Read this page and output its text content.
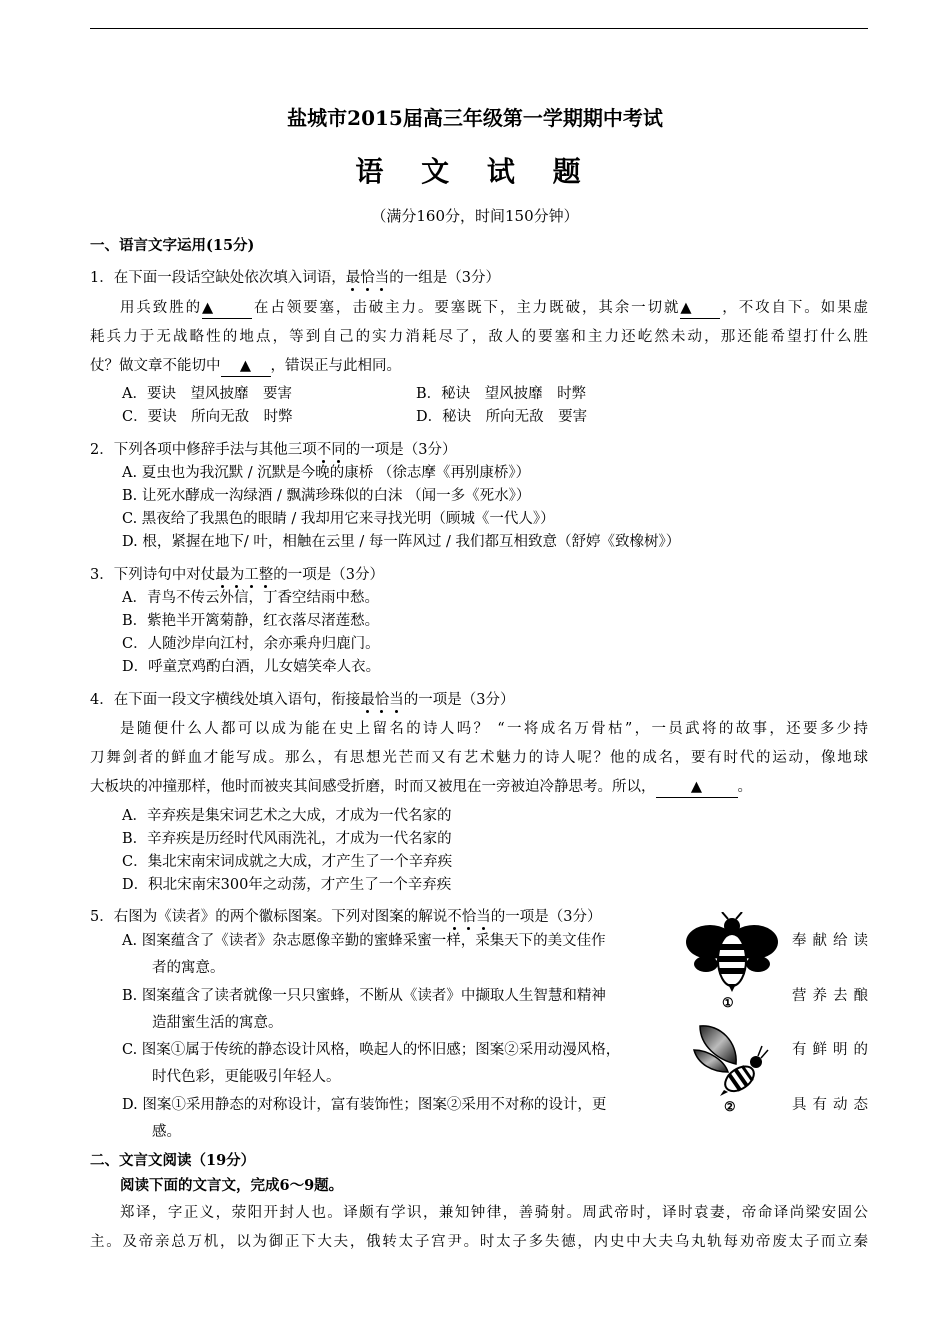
盐城市2015届高三年级第一学期期中考试
语 文 试 题
（满分160分，时间150分钟）
一、语言文字运用(15分)
1．在下面一段话空缺处依次填入词语，最恰当的一组是（3分）
用兵致胜的▲	在占领要塞，击破主力。要塞既下，主力既破，其余一切就▲ ，不攻自下。如果虚
耗兵力于无战略性的地点，等到自己的实力消耗尽了，敌人的要塞和主力还屹然未动，那还能希望打什么胜
仗？做文章不能切中 ▲ ，错误正与此相同。
A．要诀　望风披靡　要害	B．秘诀　望风披靡　时弊
C．要诀　所向无敌　时弊	D．秘诀　所向无敌　要害
2．下列各项中修辞手法与其他三项不同的一项是（3分）
A. 夏虫也为我沉默 / 沉默是今晚的康桥 （徐志摩《再别康桥》）
B. 让死水酵成一沟绿酒 / 飘满珍珠似的白沫 （闻一多《死水》）
C. 黑夜给了我黑色的眼睛 / 我却用它来寻找光明（顾城《一代人》）
D. 根，紧握在地下/ 叶，相触在云里 / 每一阵风过 / 我们都互相致意（舒婷《致橡树》）
3．下列诗句中对仗最为工整的一项是（3分）
A．青鸟不传云外信，丁香空结雨中愁。
B．紫艳半开篱菊静，红衣落尽渚莲愁。
C．人随沙岸向江村，余亦乘舟归鹿门。
D．呼童烹鸡酌白酒，儿女嬉笑牵人衣。
4．在下面一段文字横线处填入语句，衔接最恰当的一项是（3分）
是随便什么人都可以成为能在史上留名的诗人吗？ “一将成名万骨枯”，一员武将的故事，还要多少持
刀舞剑者的鲜血才能写成。那么，有思想光芒而又有艺术魅力的诗人呢？他的成名，要有时代的运动，像地球
大板块的冲撞那样，他时而被夹其间感受折磨，时而又被甩在一旁被迫冷静思考。所以， ▲ 。
A．辛弃疾是集宋词艺术之大成，才成为一代名家的
B．辛弃疾是历经时代风雨洗礼，才成为一代名家的
C．集北宋南宋词成就之大成，才产生了一个辛弃疾
D．积北宋南宋300年之动荡，才产生了一个辛弃疾
5．右图为《读者》的两个徽标图案。下列对图案的解说不恰当的一项是（3分）
A. 图案蕴含了《读者》杂志愿像辛勤的蜜蜂采蜜一样，采集天下的美文佳作	奉献给读
者的寓意。
B. 图案蕴含了读者就像一只只蜜蜂，不断从《读者》中撷取人生智慧和精神	营养去酿
造甜蜜生活的寓意。
C. 图案①属于传统的静态设计风格，唤起人的怀旧感；图案②采用动漫风格，	有鲜明的
时代色彩，更能吸引年轻人。
D. 图案①采用静态的对称设计，富有装饰性；图案②采用不对称的设计，更	具有动态
感。
①
②
二、文言文阅读（19分）
阅读下面的文言文，完成6～9题。
郑译，字正义，荥阳开封人也。译颇有学识，兼知钟律，善骑射。周武帝时，译时袁妻，帝命译尚梁安固公
主。及帝亲总万机，以为御正下大夫，俄转太子宫尹。时太子多失德，内史中大夫乌丸轨每劝帝废太子而立秦
